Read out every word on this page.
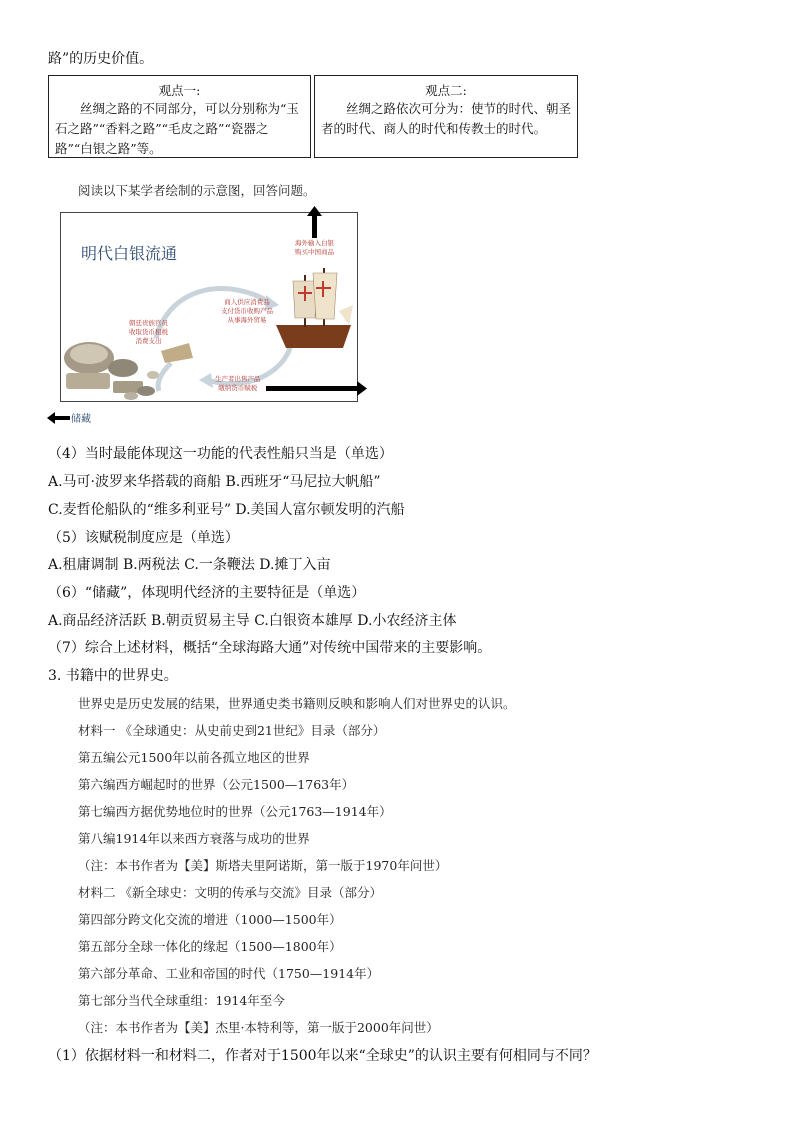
路”的历史价值。
观点一:
丝绸之路的不同部分，可以分别称为“玉石之路”“香料之路”“毛皮之路”“瓷器之路”“白银之路”等。
观点二:
丝绸之路依次可分为：使节的时代、朝圣者的时代、商人的时代和传教士的时代。
阅读以下某学者绘制的示意图，回答问题。
明代白银流通
海外输入白银
购买中国商品
商人供应消费品
支付货币收购产品
从事海外贸易
朝廷贵族官员
收取货币租税
消费支出
生产者出售产品
缴纳货币赋税
储藏
（4）当时最能体现这一功能的代表性船只当是（单选）
A.马可·波罗来华搭载的商船 B.西班牙“马尼拉大帆船”
C.麦哲伦船队的“维多利亚号” D.美国人富尔顿发明的汽船
（5）该赋税制度应是（单选）
A.租庸调制 B.两税法 C.一条鞭法 D.摊丁入亩
（6）“储藏”，体现明代经济的主要特征是（单选）
A.商品经济活跃 B.朝贡贸易主导 C.白银资本雄厚 D.小农经济主体
（7）综合上述材料，概括“全球海路大通”对传统中国带来的主要影响。
3. 书籍中的世界史。
世界史是历史发展的结果，世界通史类书籍则反映和影响人们对世界史的认识。
材料一 《全球通史：从史前史到21世纪》目录（部分）
第五编公元1500年以前各孤立地区的世界
第六编西方崛起时的世界（公元1500—1763年）
第七编西方据优势地位时的世界（公元1763—1914年）
第八编1914年以来西方衰落与成功的世界
（注：本书作者为【美】斯塔夫里阿诺斯，第一版于1970年问世）
材料二 《新全球史：文明的传承与交流》目录（部分）
第四部分跨文化交流的增进（1000—1500年）
第五部分全球一体化的缘起（1500—1800年）
第六部分革命、工业和帝国的时代（1750—1914年）
第七部分当代全球重组：1914年至今
（注：本书作者为【美】杰里·本特利等，第一版于2000年问世）
（1）依据材料一和材料二，作者对于1500年以来“全球史”的认识主要有何相同与不同？
